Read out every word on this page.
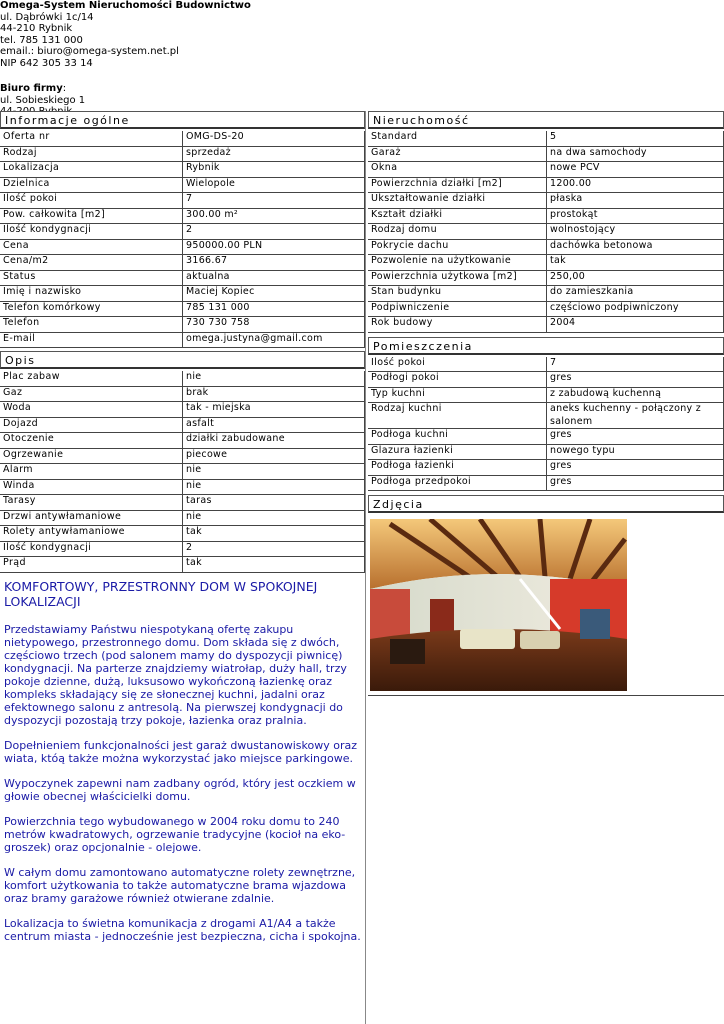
Omega-System Nieruchomości Budownictwo
ul. Dąbrówki 1c/14
44-210 Rybnik
tel. 785 131 000
email.: biuro@omega-system.net.pl
NIP 642 305 33 14
Biuro firmy:
ul. Sobieskiego 1
Informacje ogólne
Oferta nr	OMG-DS-20
Rodzaj	sprzedaż
Lokalizacja	Rybnik
Dzielnica	Wielopole
Ilość pokoi	7
Pow. całkowita [m2]	300.00 m²
Ilość kondygnacji	2
Cena	950000.00 PLN
Cena/m2	3166.67
Status	aktualna
Imię i nazwisko	Maciej Kopiec
Telefon komórkowy	785 131 000
Telefon	730 730 758
E-mail	omega.justyna@gmail.com
Opis
Plac zabaw	nie
Gaz	brak
Woda	tak - miejska
Dojazd	asfalt
Otoczenie	działki zabudowane
Ogrzewanie	piecowe
Alarm	nie
Winda	nie
Tarasy	taras
Drzwi antywłamaniowe	nie
Rolety antywłamaniowe	tak
Ilość kondygnacji	2
Prąd	tak
KOMFORTOWY, PRZESTRONNY DOM W SPOKOJNEJ LOKALIZACJI

Przedstawiamy Państwu niespotykaną ofertę zakupu nietypowego, przestronnego domu. Dom składa się z dwóch, częściowo trzech (pod salonem mamy do dyspozycji piwnicę) kondygnacji. Na parterze znajdziemy wiatrołap, duży hall, trzy pokoje dzienne, dużą, luksusowo wykończoną łazienkę oraz kompleks składający się ze słonecznej kuchni, jadalni oraz efektownego salonu z antresolą. Na pierwszej kondygnacji do dyspozycji pozostają trzy pokoje, łazienka oraz pralnia.

Dopełnieniem funkcjonalności jest garaż dwustanowiskowy oraz wiata, któą także można wykorzystać jako miejsce parkingowe.

Wypoczynek zapewni nam zadbany ogród, który jest oczkiem w głowie obecnej właścicielki domu.

Powierzchnia tego wybudowanego w 2004 roku domu to 240 metrów kwadratowych, ogrzewanie tradycyjne (kocioł na eko-groszek) oraz opcjonalnie - olejowe.

W całym domu zamontowano automatyczne rolety zewnętrzne, komfort użytkowania to także automatyczne brama wjazdowa oraz bramy garażowe również otwierane zdalnie.

Lokalizacja to świetna komunikacja z drogami A1/A4 a także centrum miasta - jednocześnie jest bezpieczna, cicha i spokojna.

Nieruchomość
Standard	5
Garaż	na dwa samochody
Okna	nowe PCV
Powierzchnia działki [m2]	1200.00
Ukształtowanie działki	płaska
Kształt działki	prostokąt
Rodzaj domu	wolnostojący
Pokrycie dachu	dachówka betonowa
Pozwolenie na użytkowanie	tak
Powierzchnia użytkowa [m2]	250,00
Stan budynku	do zamieszkania
Podpiwniczenie	częściowo podpiwniczony
Rok budowy	2004
Pomieszczenia
Ilość pokoi	7
Podłogi pokoi	gres
Typ kuchni	z zabudową kuchenną
Rodzaj kuchni	aneks kuchenny - połączony z salonem
Podłoga kuchni	gres
Glazura łazienki	nowego typu
Podłoga łazienki	gres
Podłoga przedpokoi	gres
Zdjęcia
